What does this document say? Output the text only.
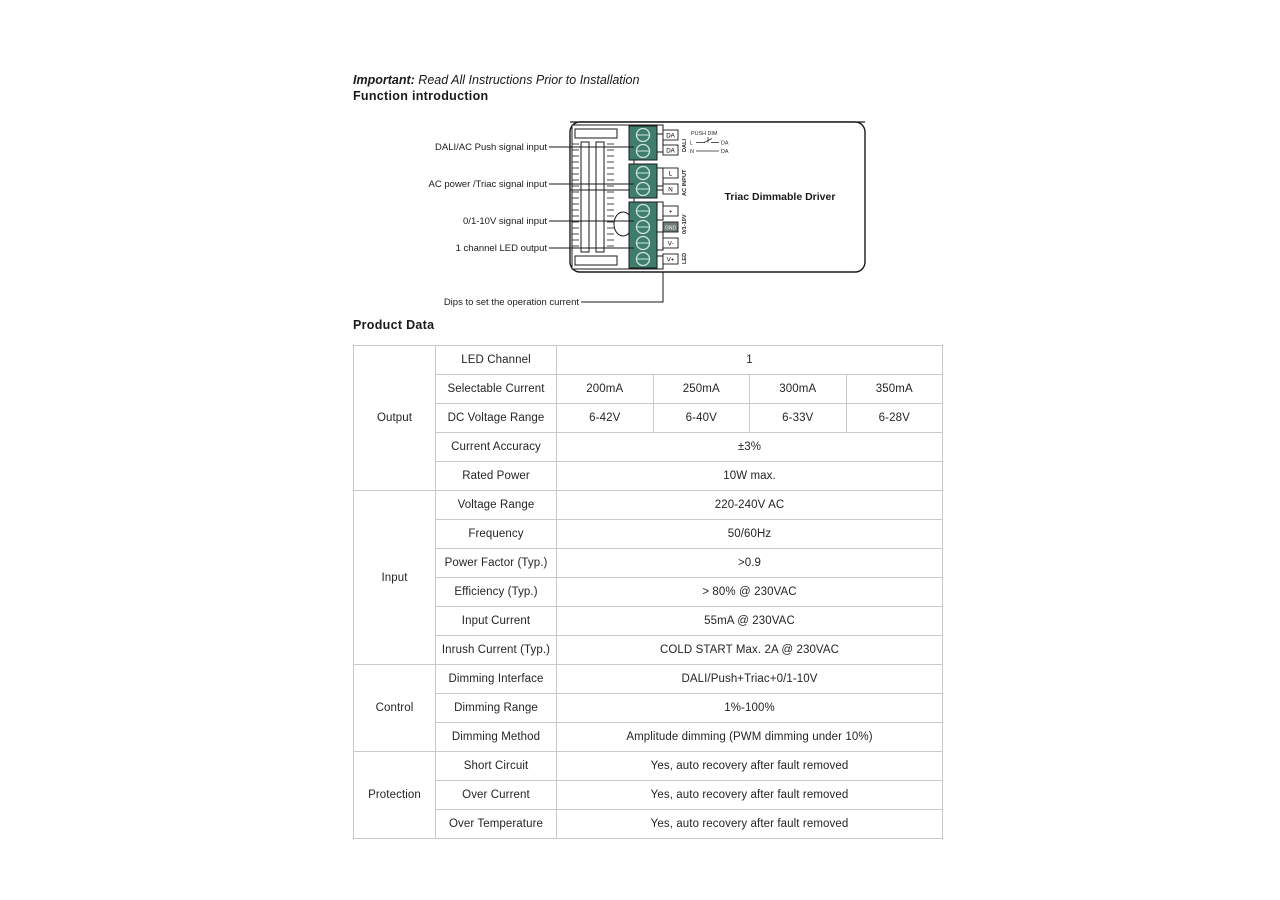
Important: Read All Instructions Prior to Installation
Function introduction
DA
DA
L
N
+
GND
V-
V+
DALI
AC INPUT
0/1-10V
LED
PUSH DIM
L	DA
N	DA
Triac Dimmable Driver
DALI/AC Push signal input
AC power /Triac signal input
0/1-10V signal input
1 channel LED output
Dips to set the operation current
Product Data
Output	LED Channel	1			
	Selectable Current	200mA	250mA	300mA	350mA
	DC Voltage Range	6-42V	6-40V	6-33V	6-28V
	Current Accuracy	±3%			
	Rated Power	10W max.			
Input	Voltage Range	220-240V AC			
	Frequency	50/60Hz			
	Power Factor (Typ.)	>0.9			
	Efficiency (Typ.)	> 80% @ 230VAC			
	Input Current	55mA @ 230VAC			
	Inrush Current (Typ.)	COLD START Max. 2A @ 230VAC			
Control	Dimming Interface	DALI/Push+Triac+0/1-10V			
	Dimming Range	1%-100%			
	Dimming Method	Amplitude dimming (PWM dimming under 10%)			
Protection	Short Circuit	Yes, auto recovery after fault removed			
	Over Current	Yes, auto recovery after fault removed			
	Over Temperature	Yes, auto recovery after fault removed			
